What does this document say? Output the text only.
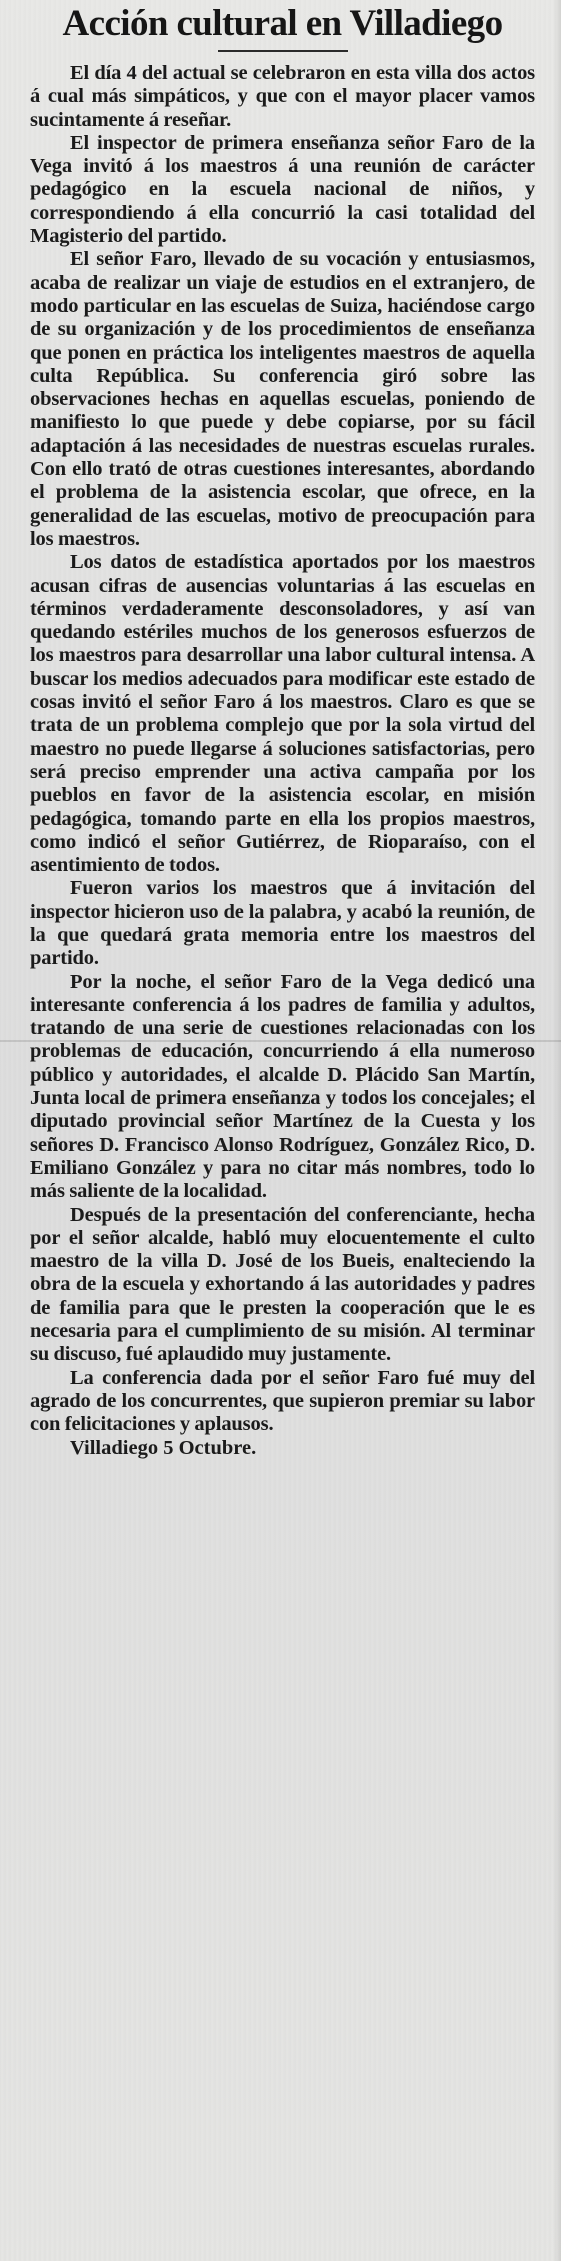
Acción cultural en Villadiego

El día 4 del actual se celebraron en esta villa dos actos á cual más simpáticos, y que con el mayor placer vamos sucintamente á reseñar.

El inspector de primera enseñanza señor Faro de la Vega invitó á los maestros á una reunión de carácter pedagógico en la escuela nacional de niños, y correspondiendo á ella concurrió la casi totalidad del Magisterio del partido.

El señor Faro, llevado de su vocación y entusiasmos, acaba de realizar un viaje de estudios en el extranjero, de modo particular en las escuelas de Suiza, haciéndose cargo de su organización y de los procedimientos de enseñanza que ponen en práctica los inteligentes maestros de aquella culta República. Su conferencia giró sobre las observaciones hechas en aquellas escuelas, poniendo de manifiesto lo que puede y debe copiarse, por su fácil adaptación á las necesidades de nuestras escuelas rurales. Con ello trató de otras cuestiones interesantes, abordando el problema de la asistencia escolar, que ofrece, en la generalidad de las escuelas, motivo de preocupación para los maestros.

Los datos de estadística aportados por los maestros acusan cifras de ausencias voluntarias á las escuelas en términos verdaderamente desconsoladores, y así van quedando estériles muchos de los generosos esfuerzos de los maestros para desarrollar una labor cultural intensa. A buscar los medios adecuados para modificar este estado de cosas invitó el señor Faro á los maestros. Claro es que se trata de un problema complejo que por la sola virtud del maestro no puede llegarse á soluciones satisfactorias, pero será preciso emprender una activa campaña por los pueblos en favor de la asistencia escolar, en misión pedagógica, tomando parte en ella los propios maestros, como indicó el señor Gutiérrez, de Rioparaíso, con el asentimiento de todos.

Fueron varios los maestros que á invitación del inspector hicieron uso de la palabra, y acabó la reunión, de la que quedará grata memoria entre los maestros del partido.

Por la noche, el señor Faro de la Vega dedicó una interesante conferencia á los padres de familia y adultos, tratando de una serie de cuestiones relacionadas con los problemas de educación, concurriendo á ella numeroso público y autoridades, el alcalde D. Plácido San Martín, Junta local de primera enseñanza y todos los concejales; el diputado provincial señor Martínez de la Cuesta y los señores D. Francisco Alonso Rodríguez, González Rico, D. Emiliano González y para no citar más nombres, todo lo más saliente de la localidad.

Después de la presentación del conferenciante, hecha por el señor alcalde, habló muy elocuentemente el culto maestro de la villa D. José de los Bueis, enalteciendo la obra de la escuela y exhortando á las autoridades y padres de familia para que le presten la cooperación que le es necesaria para el cumplimiento de su misión. Al terminar su discuso, fué aplaudido muy justamente.

La conferencia dada por el señor Faro fué muy del agrado de los concurrentes, que supieron premiar su labor con felicitaciones y aplausos.

Villadiego 5 Octubre.
